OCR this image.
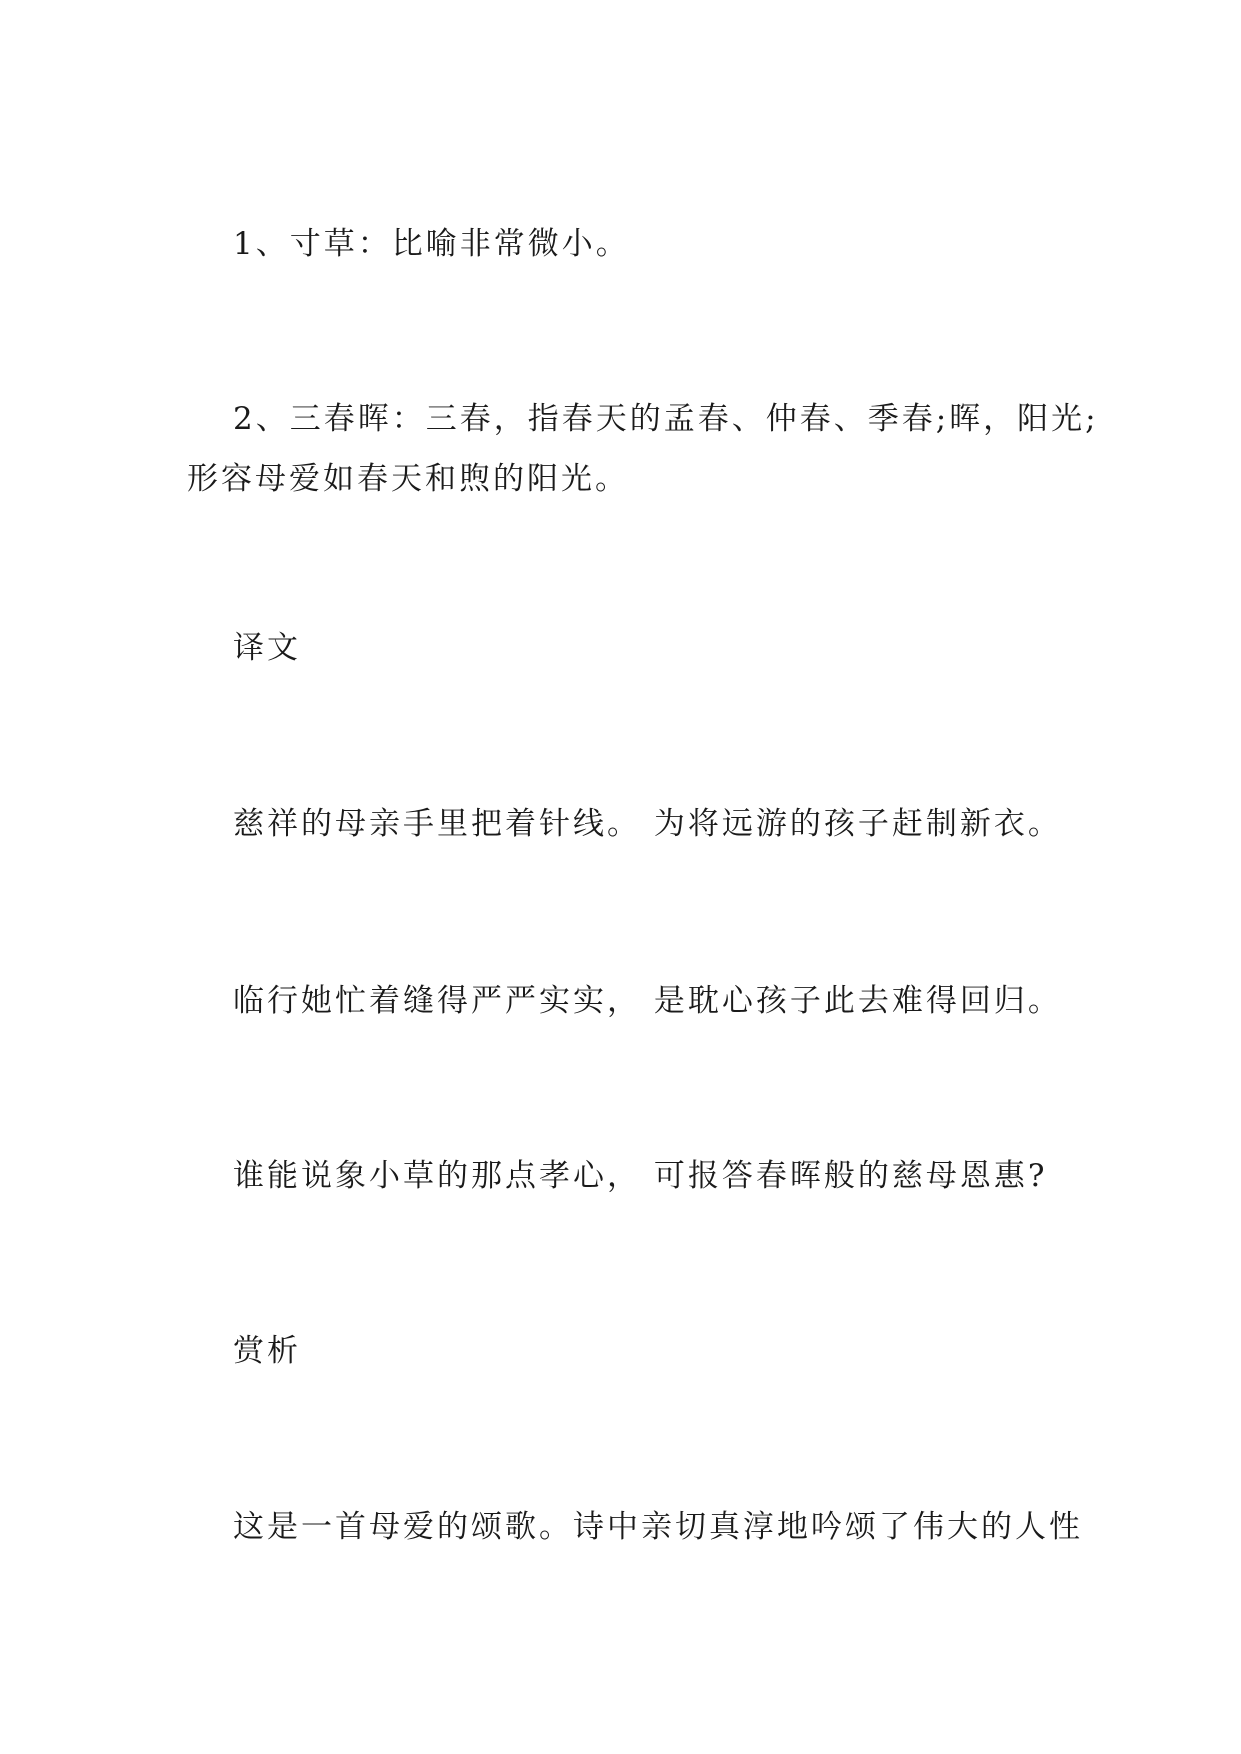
1、寸草：比喻非常微小。
2、三春晖：三春，指春天的孟春、仲春、季春;晖，阳光;
形容母爱如春天和煦的阳光。
译文
慈祥的母亲手里把着针线。 为将远游的孩子赶制新衣。
临行她忙着缝得严严实实， 是耽心孩子此去难得回归。
谁能说象小草的那点孝心， 可报答春晖般的慈母恩惠?
赏析
这是一首母爱的颂歌。诗中亲切真淳地吟颂了伟大的人性
